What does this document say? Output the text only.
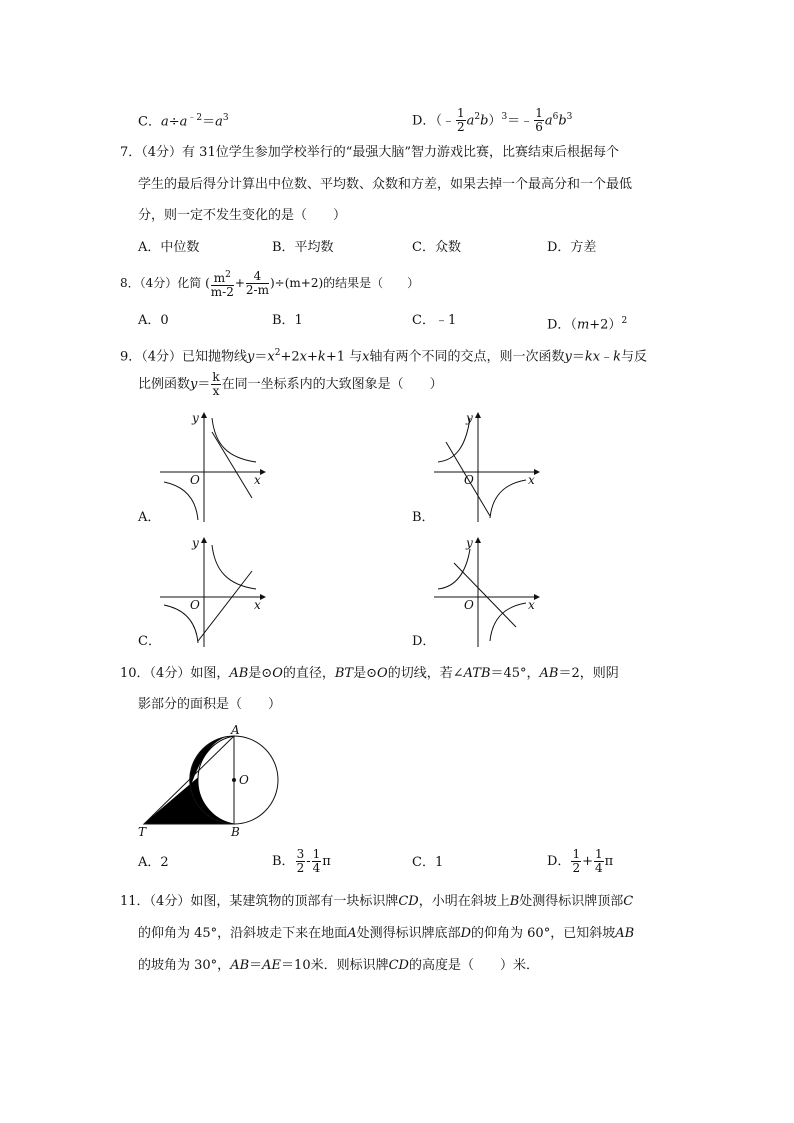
C．$a\div a^{﹣2}=a^3$	D．（﹣ $\frac{1}{2}$ $a^2b)^3=﹣ \frac{1}{6} a^6b^3$
7．（4分）有 31位学生参加学校举行的“最强大脑”智力游戏比赛，比赛结束后根据每个
学生的最后得分计算出中位数、平均数、众数和方差，如果去掉一个最高分和一个最低
分，则一定不发生变化的是（　　）
A．中位数	B．平均数	C．众数	D．方差
8．（4分）化简 ( $\frac{m^2}{m-2} + \frac{4}{2-m} )\div(m+2)$的结果是（　　）
A．0	B．1	C．﹣1	D．$(m+2)^2$
9．（4分）已知抛物线$y=x^2+2x+k+1$ 与x轴有两个不同的交点，则一次函数y＝kx﹣k与反
比例函数$y= \frac{k}{x}$ 在同一坐标系内的大致图象是（　　）
O
y
x
A．
O
y
x
B．
O
y
x
C．
O
y
x
D．
10．（4分）如图，AB是⊙O的直径，BT是⊙O的切线，若∠ATB＝45°，AB＝2，则阴
影部分的面积是（　　）
A
O
T	B
A．2	B． $\frac{3}{2} - \frac{1}{4}$ π	C．1	D． $\frac{1}{2} + \frac{1}{4}$ π
11．（4分）如图，某建筑物的顶部有一块标识牌CD，小明在斜坡上B处测得标识牌顶部C
的仰角为 45°，沿斜坡走下来在地面A处测得标识牌底部D的仰角为 60°，已知斜坡AB
的坡角为 30°，AB＝AE＝10米．则标识牌CD的高度是（　　）米．
